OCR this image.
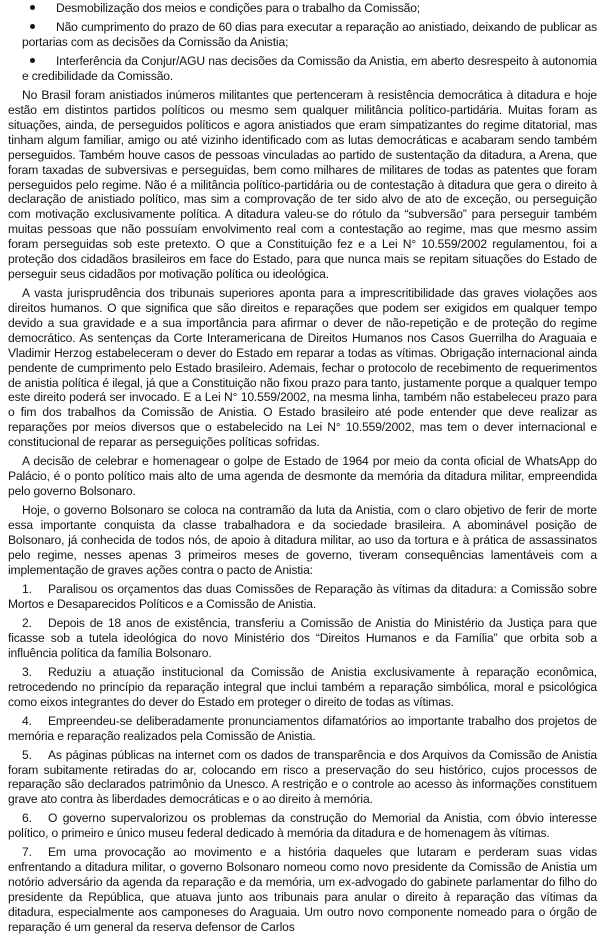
Desmobilização dos meios e condições para o trabalho da Comissão;

Não cumprimento do prazo de 60 dias para executar a reparação ao anistiado, deixando de publicar as portarias com as decisões da Comissão da Anistia;

Interferência da Conjur/AGU nas decisões da Comissão da Anistia, em aberto desrespeito à autonomia e credibilidade da Comissão.

No Brasil foram anistiados inúmeros militantes que pertenceram à resistência democrática à ditadura e hoje estão em distintos partidos políticos ou mesmo sem qualquer militância político-partidária. Muitas foram as situações, ainda, de perseguidos políticos e agora anistiados que eram simpatizantes do regime ditatorial, mas tinham algum familiar, amigo ou até vizinho identificado com as lutas democráticas e acabaram sendo também perseguidos. Também houve casos de pessoas vinculadas ao partido de sustentação da ditadura, a Arena, que foram taxadas de subversivas e perseguidas, bem como milhares de militares de todas as patentes que foram perseguidos pelo regime. Não é a militância político-partidária ou de contestação à ditadura que gera o direito à declaração de anistiado político, mas sim a comprovação de ter sido alvo de ato de exceção, ou perseguição com motivação exclusivamente política. A ditadura valeu-se do rótulo da “subversão” para perseguir também muitas pessoas que não possuíam envolvimento real com a contestação ao regime, mas que mesmo assim foram perseguidas sob este pretexto. O que a Constituição fez e a Lei N° 10.559/2002 regulamentou, foi a proteção dos cidadãos brasileiros em face do Estado, para que nunca mais se repitam situações do Estado de perseguir seus cidadãos por motivação política ou ideológica.

A vasta jurisprudência dos tribunais superiores aponta para a imprescritibilidade das graves violações aos direitos humanos. O que significa que são direitos e reparações que podem ser exigidos em qualquer tempo devido a sua gravidade e a sua importância para afirmar o dever de não-repetição e de proteção do regime democrático. As sentenças da Corte Interamericana de Direitos Humanos nos Casos Guerrilha do Araguaia e Vladimir Herzog estabeleceram o dever do Estado em reparar a todas as vítimas. Obrigação internacional ainda pendente de cumprimento pelo Estado brasileiro. Ademais, fechar o protocolo de recebimento de requerimentos de anistia política é ilegal, já que a Constituição não fixou prazo para tanto, justamente porque a qualquer tempo este direito poderá ser invocado. E a Lei N° 10.559/2002, na mesma linha, também não estabeleceu prazo para o fim dos trabalhos da Comissão de Anistia. O Estado brasileiro até pode entender que deve realizar as reparações por meios diversos que o estabelecido na Lei N° 10.559/2002, mas tem o dever internacional e constitucional de reparar as perseguições políticas sofridas.

A decisão de celebrar e homenagear o golpe de Estado de 1964 por meio da conta oficial de WhatsApp do Palácio, é o ponto político mais alto de uma agenda de desmonte da memória da ditadura militar, empreendida pelo governo Bolsonaro.

Hoje, o governo Bolsonaro se coloca na contramão da luta da Anistia, com o claro objetivo de ferir de morte essa importante conquista da classe trabalhadora e da sociedade brasileira. A abominável posição de Bolsonaro, já conhecida de todos nós, de apoio à ditadura militar, ao uso da tortura e à prática de assassinatos pelo regime, nesses apenas 3 primeiros meses de governo, tiveram consequências lamentáveis com a implementação de graves ações contra o pacto de Anistia:

1. Paralisou os orçamentos das duas Comissões de Reparação às vítimas da ditadura: a Comissão sobre Mortos e Desaparecidos Políticos e a Comissão de Anistia.

2. Depois de 18 anos de existência, transferiu a Comissão de Anistia do Ministério da Justiça para que ficasse sob a tutela ideológica do novo Ministério dos “Direitos Humanos e da Família” que orbita sob a influência política da família Bolsonaro.

3. Reduziu a atuação institucional da Comissão de Anistia exclusivamente à reparação econômica, retrocedendo no princípio da reparação integral que inclui também a reparação simbólica, moral e psicológica como eixos integrantes do dever do Estado em proteger o direito de todas as vítimas.

4. Empreendeu-se deliberadamente pronunciamentos difamatórios ao importante trabalho dos projetos de memória e reparação realizados pela Comissão de Anistia.

5. As páginas públicas na internet com os dados de transparência e dos Arquivos da Comissão de Anistia foram subitamente retiradas do ar, colocando em risco a preservação do seu histórico, cujos processos de reparação são declarados patrimônio da Unesco. A restrição e o controle ao acesso às informações constituem grave ato contra às liberdades democráticas e o ao direito à memória.

6. O governo supervalorizou os problemas da construção do Memorial da Anistia, com óbvio interesse político, o primeiro e único museu federal dedicado à memória da ditadura e de homenagem às vítimas.

7. Em uma provocação ao movimento e a história daqueles que lutaram e perderam suas vidas enfrentando a ditadura militar, o governo Bolsonaro nomeou como novo presidente da Comissão de Anistia um notório adversário da agenda da reparação e da memória, um ex-advogado do gabinete parlamentar do filho do presidente da República, que atuava junto aos tribunais para anular o direito à reparação das vítimas da ditadura, especialmente aos camponeses do Araguaia. Um outro novo componente nomeado para o órgão de reparação é um general da reserva defensor de Carlos
